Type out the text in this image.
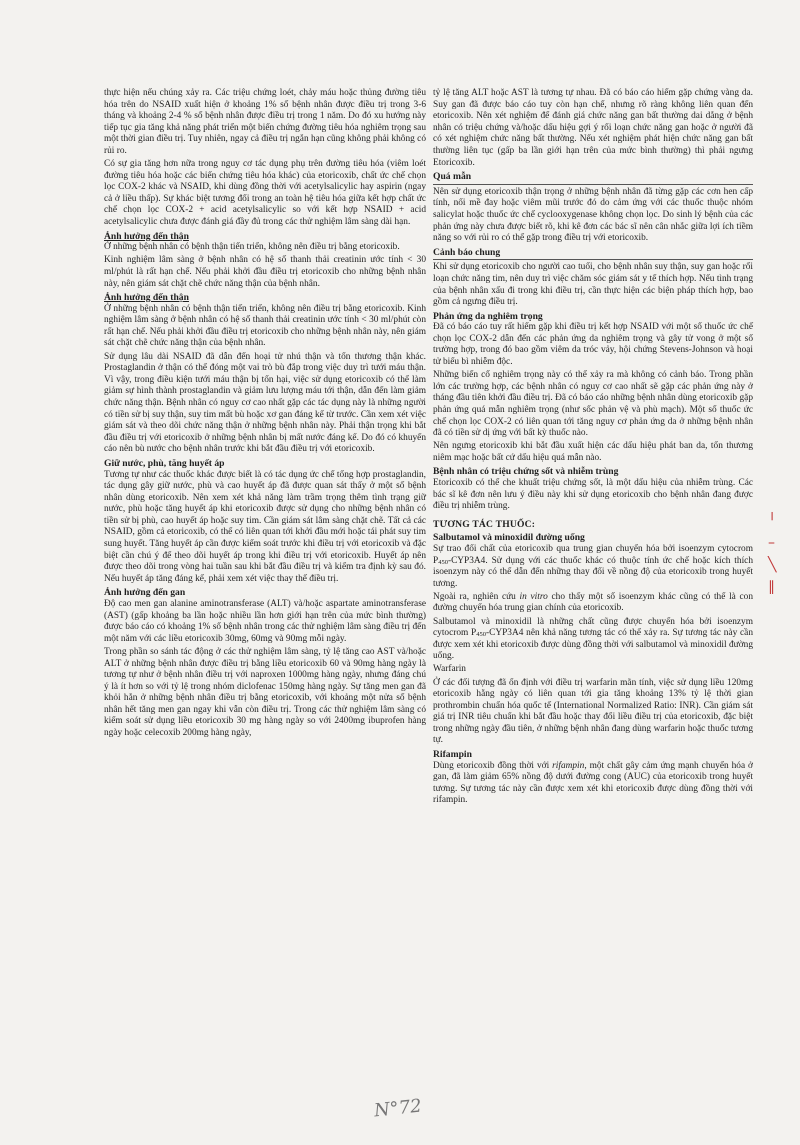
thực hiện nếu chúng xảy ra. Các triệu chứng loét, chảy máu hoặc thủng đường tiêu hóa trên do NSAID xuất hiện ở khoảng 1% số bệnh nhân được điều trị trong 3-6 tháng và khoảng 2-4 % số bệnh nhân được điều trị trong 1 năm. Do đó xu hướng này tiếp tục gia tăng khả năng phát triển một biến chứng đường tiêu hóa nghiêm trọng sau một thời gian điều trị. Tuy nhiên, ngay cả điều trị ngắn hạn cũng không phải không có rủi ro.

Có sự gia tăng hơn nữa trong nguy cơ tác dụng phụ trên đường tiêu hóa (viêm loét đường tiêu hóa hoặc các biến chứng tiêu hóa khác) của etoricoxib, chất ức chế chọn lọc COX-2 khác và NSAID, khi dùng đồng thời với acetylsalicylic hay aspirin (ngay cả ở liều thấp). Sự khác biệt tương đối trong an toàn hệ tiêu hóa giữa kết hợp chất ức chế chọn lọc COX-2 + acid acetylsalicylic so với kết hợp NSAID + acid acetylsalicylic chưa được đánh giá đầy đủ trong các thử nghiệm lâm sàng dài hạn.

Ảnh hưởng đến thận

Ở những bệnh nhân có bệnh thận tiến triển, không nên điều trị bằng etoricoxib.

Kinh nghiệm lâm sàng ở bệnh nhân có hệ số thanh thải creatinin ước tính < 30 ml/phút là rất hạn chế. Nếu phải khởi đầu điều trị etoricoxib cho những bệnh nhân này, nên giám sát chặt chẽ chức năng thận của bệnh nhân.

Ảnh hưởng đến thận

Ở những bệnh nhân có bệnh thận tiến triển, không nên điều trị bằng etoricoxib. Kinh nghiệm lâm sàng ở bệnh nhân có hệ số thanh thải creatinin ước tính < 30 ml/phút còn rất hạn chế. Nếu phải khởi đầu điều trị etoricoxib cho những bệnh nhân này, nên giám sát chặt chẽ chức năng thận của bệnh nhân.

Sử dụng lâu dài NSAID đã dẫn đến hoại tử nhú thận và tổn thương thận khác. Prostaglandin ở thận có thể đóng một vai trò bù đắp trong việc duy trì tưới máu thận. Vì vậy, trong điều kiện tưới máu thận bị tổn hại, việc sử dụng etoricoxib có thể làm giảm sự hình thành prostaglandin và giảm lưu lượng máu tới thận, dẫn đến làm giảm chức năng thận. Bệnh nhân có nguy cơ cao nhất gặp các tác dụng này là những người có tiền sử bị suy thận, suy tim mất bù hoặc xơ gan đáng kể từ trước. Cần xem xét việc giám sát và theo dõi chức năng thận ở những bệnh nhân này. Phải thận trọng khi bắt đầu điều trị với etoricoxib ở những bệnh nhân bị mất nước đáng kể. Do đó có khuyến cáo nên bù nước cho bệnh nhân trước khi bắt đầu điều trị với etoricoxib.

Giữ nước, phù, tăng huyết áp

Tương tự như các thuốc khác được biết là có tác dụng ức chế tổng hợp prostaglandin, tác dụng gây giữ nước, phù và cao huyết áp đã được quan sát thấy ở một số bệnh nhân dùng etoricoxib. Nên xem xét khả năng làm trầm trọng thêm tình trạng giữ nước, phù hoặc tăng huyết áp khi etoricoxib được sử dụng cho những bệnh nhân có tiền sử bị phù, cao huyết áp hoặc suy tim. Cần giám sát lâm sàng chặt chẽ. Tất cả các NSAID, gồm cả etoricoxib, có thể có liên quan tới khởi đầu mới hoặc tái phát suy tim sung huyết. Tăng huyết áp cần được kiểm soát trước khi điều trị với etoricoxib và đặc biệt cần chú ý để theo dõi huyết áp trong khi điều trị với etoricoxib. Huyết áp nên được theo dõi trong vòng hai tuần sau khi bắt đầu điều trị và kiểm tra định kỳ sau đó. Nếu huyết áp tăng đáng kể, phải xem xét việc thay thế điều trị.

Ảnh hưởng đến gan

Độ cao men gan alanine aminotransferase (ALT) và/hoặc aspartate aminotransferase (AST) (gấp khoảng ba lần hoặc nhiều lần hơn giới hạn trên của mức bình thường) được báo cáo có khoảng 1% số bệnh nhân trong các thử nghiệm lâm sàng điều trị đến một năm với các liều etoricoxib 30mg, 60mg và 90mg mỗi ngày.

Trong phần so sánh tác động ở các thử nghiệm lâm sàng, tỷ lệ tăng cao AST và/hoặc ALT ở những bệnh nhân được điều trị bằng liều etoricoxib 60 và 90mg hàng ngày là tương tự như ở bệnh nhân điều trị với naproxen 1000mg hàng ngày, nhưng đáng chú ý là ít hơn so với tỷ lệ trong nhóm diclofenac 150mg hàng ngày. Sự tăng men gan đã khỏi hẳn ở những bệnh nhân điều trị bằng etoricoxib, với khoảng một nửa số bệnh nhân hết tăng men gan ngay khi vẫn còn điều trị. Trong các thử nghiệm lâm sàng có kiểm soát sử dụng liều etoricoxib 30 mg hàng ngày so với 2400mg ibuprofen hàng ngày hoặc celecoxib 200mg hàng ngày,

tỷ lệ tăng ALT hoặc AST là tương tự nhau. Đã có báo cáo hiếm gặp chứng vàng da. Suy gan đã được báo cáo tuy còn hạn chế, nhưng rõ ràng không liên quan đến etoricoxib. Nên xét nghiệm để đánh giá chức năng gan bất thường dai dẳng ở bệnh nhân có triệu chứng và/hoặc dấu hiệu gợi ý rối loạn chức năng gan hoặc ở người đã có xét nghiệm chức năng bất thường. Nếu xét nghiệm phát hiện chức năng gan bất thường liên tục (gấp ba lần giới hạn trên của mức bình thường) thì phải ngưng Etoricoxib.

Quá mẫn

Nên sử dụng etoricoxib thận trọng ở những bệnh nhân đã từng gặp các cơn hen cấp tính, nổi mề đay hoặc viêm mũi trước đó do cảm ứng với các thuốc thuộc nhóm salicylat hoặc thuốc ức chế cyclooxygenase không chọn lọc. Do sinh lý bệnh của các phản ứng này chưa được biết rõ, khi kê đơn các bác sĩ nên cân nhắc giữa lợi ích tiềm năng so với rủi ro có thể gặp trong điều trị với etoricoxib.

Cảnh báo chung

Khi sử dụng etoricoxib cho người cao tuổi, cho bệnh nhân suy thận, suy gan hoặc rối loạn chức năng tim, nên duy trì việc chăm sóc giám sát y tế thích hợp. Nếu tình trạng của bệnh nhân xấu đi trong khi điều trị, cần thực hiện các biện pháp thích hợp, bao gồm cả ngưng điều trị.

Phản ứng da nghiêm trọng

Đã có báo cáo tuy rất hiếm gặp khi điều trị kết hợp NSAID với một số thuốc ức chế chọn lọc COX-2 dẫn đến các phản ứng da nghiêm trọng và gây tử vong ở một số trường hợp, trong đó bao gồm viêm da tróc vảy, hội chứng Stevens-Johnson và hoại tử biểu bì nhiễm độc.

Những biến cố nghiêm trọng này có thể xảy ra mà không có cảnh báo. Trong phần lớn các trường hợp, các bệnh nhân có nguy cơ cao nhất sẽ gặp các phản ứng này ở tháng đầu tiên khởi đầu điều trị. Đã có báo cáo những bệnh nhân dùng etoricoxib gặp phản ứng quá mẫn nghiêm trọng (như sốc phản vệ và phù mạch). Một số thuốc ức chế chọn lọc COX-2 có liên quan tới tăng nguy cơ phản ứng da ở những bệnh nhân đã có tiền sử dị ứng với bất kỳ thuốc nào.

Nên ngưng etoricoxib khi bắt đầu xuất hiện các dấu hiệu phát ban da, tổn thương niêm mạc hoặc bất cứ dấu hiệu quá mẫn nào.

Bệnh nhân có triệu chứng sốt và nhiễm trùng

Etoricoxib có thể che khuất triệu chứng sốt, là một dấu hiệu của nhiễm trùng. Các bác sĩ kê đơn nên lưu ý điều này khi sử dụng etoricoxib cho bệnh nhân đang được điều trị nhiễm trùng.

TƯƠNG TÁC THUỐC:
Salbutamol và minoxidil đường uống

Sự trao đổi chất của etoricoxib qua trung gian chuyển hóa bởi isoenzym cytocrom $P_{450}-CYP3A4$. Sử dụng với các thuốc khác có thuộc tính ức chế hoặc kích thích isoenzym này có thể dẫn đến những thay đổi về nồng độ của etoricoxib trong huyết tương.

Ngoài ra, nghiên cứu in vitro cho thấy một số isoenzym khác cũng có thể là con đường chuyển hóa trung gian chính của etoricoxib.

Salbutamol và minoxidil là những chất cũng được chuyển hóa bởi isoenzym cytocrom $P_{450}-CYP3A4$ nên khả năng tương tác có thể xảy ra. Sự tương tác này cần được xem xét khi etoricoxib được dùng đồng thời với salbutamol và minoxidil đường uống.

Warfarin

Ở các đối tượng đã ổn định với điều trị warfarin mãn tính, việc sử dụng liều 120mg etoricoxib hằng ngày có liên quan tới gia tăng khoảng 13% tỷ lệ thời gian prothrombin chuẩn hóa quốc tế (International Normalized Ratio: INR). Cần giám sát giá trị INR tiêu chuẩn khi bắt đầu hoặc thay đổi liều điều trị của etoricoxib, đặc biệt trong những ngày đầu tiên, ở những bệnh nhân đang dùng warfarin hoặc thuốc tương tự.

Rifampin

Dùng etoricoxib đồng thời với rifampin, một chất gây cảm ứng mạnh chuyển hóa ở gan, đã làm giảm 65% nồng độ dưới đường cong (AUC) của etoricoxib trong huyết tương. Sự tương tác này cần được xem xét khi etoricoxib được dùng đồng thời với rifampin.

╵
–
╲
∥
N°72
